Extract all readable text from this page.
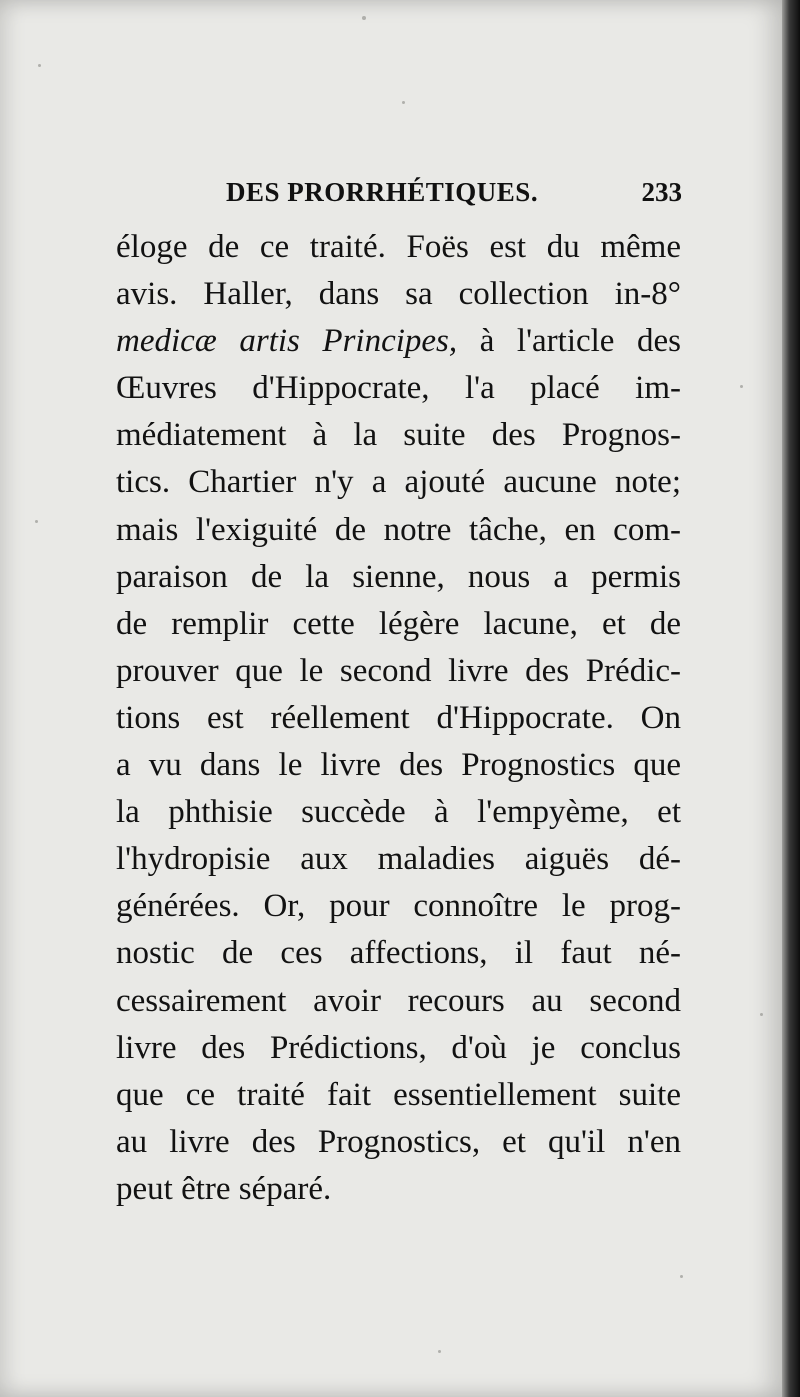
DES PRORRHÉTIQUES.	233
éloge de ce traité. Foës est du même
avis. Haller, dans sa collection in-8°
medicæ artis Principes, à l'article des
Œuvres d'Hippocrate, l'a placé im-
médiatement à la suite des Prognos-
tics. Chartier n'y a ajouté aucune note;
mais l'exiguité de notre tâche, en com-
paraison de la sienne, nous a permis
de remplir cette légère lacune, et de
prouver que le second livre des Prédic-
tions est réellement d'Hippocrate. On
a vu dans le livre des Prognostics que
la phthisie succède à l'empyème, et
l'hydropisie aux maladies aiguës dé-
générées. Or, pour connoître le prog-
nostic de ces affections, il faut né-
cessairement avoir recours au second
livre des Prédictions, d'où je conclus
que ce traité fait essentiellement suite
au livre des Prognostics, et qu'il n'en
peut être séparé.
